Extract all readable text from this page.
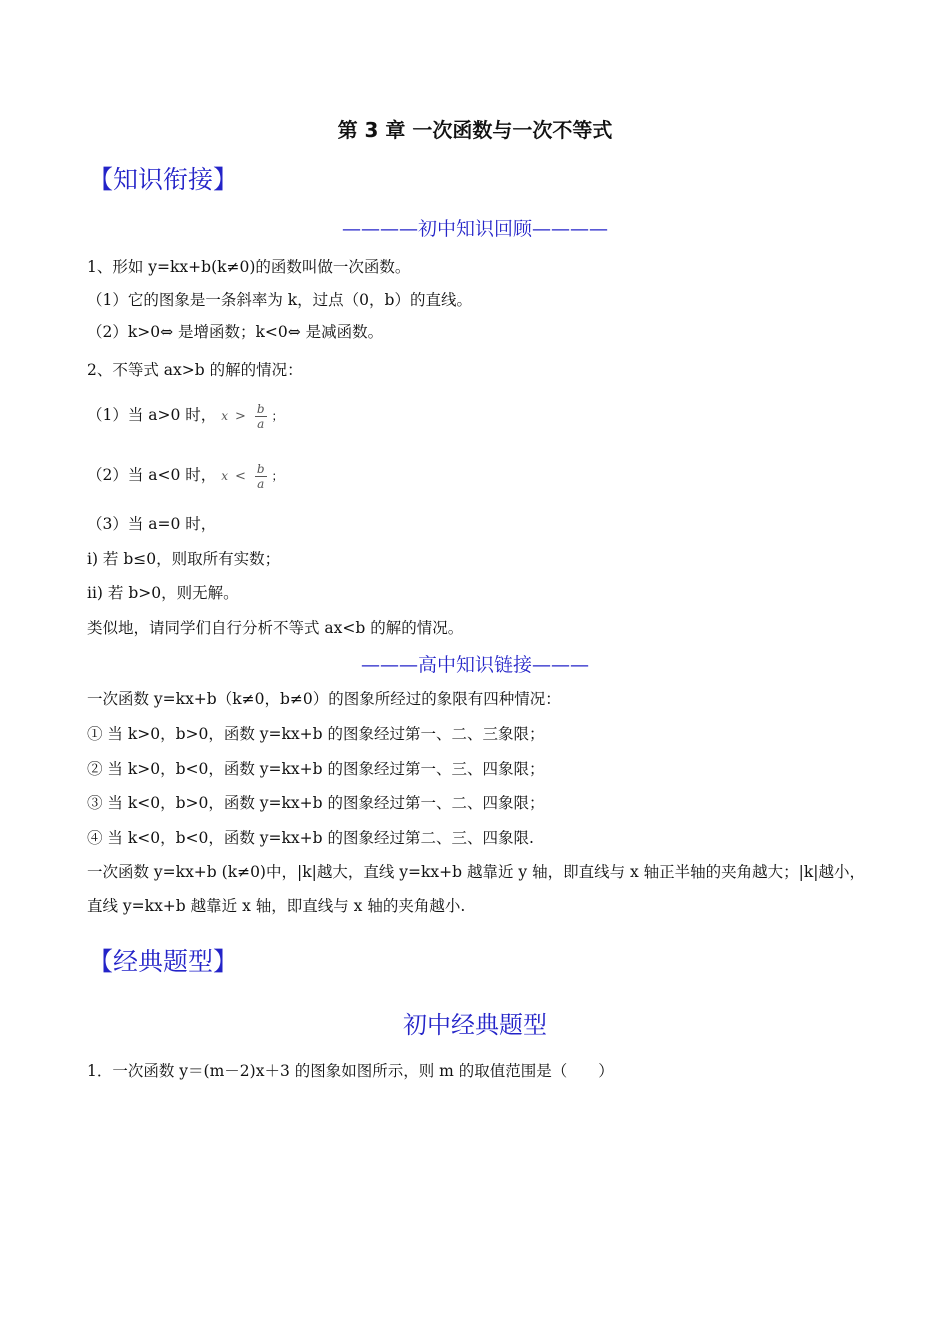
第 3 章 一次函数与一次不等式
【知识衔接】
————初中知识回顾————
1、形如 y=kx+b(k≠0)的函数叫做一次函数。
（1）它的图象是一条斜率为 k，过点（0，b）的直线。
（2）k>0⇔ 是增函数；k<0⇔ 是减函数。
2、不等式 ax>b 的解的情况：
（1）当 a>0 时， $x > \frac{b}{a}$ ；
（2）当 a<0 时， $x < \frac{b}{a}$ ；
（3）当 a=0 时，
i) 若 b≤0，则取所有实数；
ii) 若 b>0，则无解。
类似地，请同学们自行分析不等式 ax<b 的解的情况。
———高中知识链接———
一次函数 y=kx+b（k≠0，b≠0）的图象所经过的象限有四种情况：
① 当 k>0，b>0，函数 y=kx+b 的图象经过第一、二、三象限；
② 当 k>0，b<0，函数 y=kx+b 的图象经过第一、三、四象限；
③ 当 k<0，b>0，函数 y=kx+b 的图象经过第一、二、四象限；
④ 当 k<0，b<0，函数 y=kx+b 的图象经过第二、三、四象限.
一次函数 y=kx+b (k≠0)中，|k|越大，直线 y=kx+b 越靠近 y 轴，即直线与 x 轴正半轴的夹角越大；|k|越小，直线 y=kx+b 越靠近 x 轴，即直线与 x 轴的夹角越小.
【经典题型】
初中经典题型
1．一次函数 y＝(m－2)x＋3 的图象如图所示，则 m 的取值范围是（　　）
